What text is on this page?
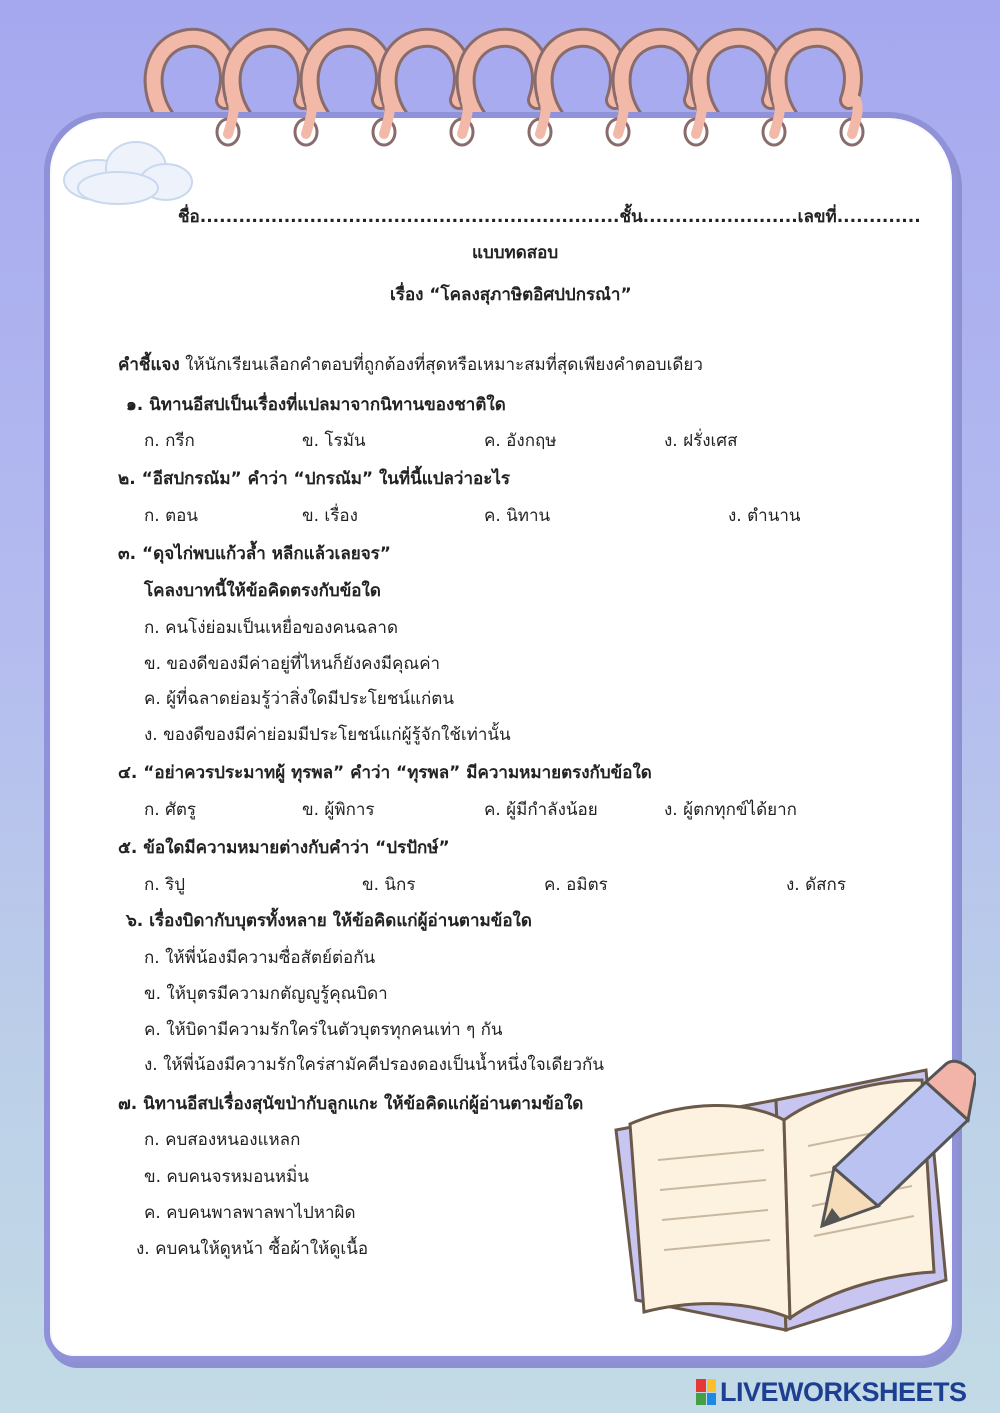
ชื่อ.................................................................ชั้น........................เลขที่.............
แบบทดสอบ
เรื่อง “โคลงสุภาษิตอิศปปกรณำ”
คำชี้แจง ให้นักเรียนเลือกคำตอบที่ถูกต้องที่สุดหรือเหมาะสมที่สุดเพียงคำตอบเดียว
๑. นิทานอีสปเป็นเรื่องที่แปลมาจากนิทานของชาติใด
ก. กรีก	ข. โรมัน	ค. อังกฤษ	ง. ฝรั่งเศส
๒. “อีสปกรณัม” คำว่า “ปกรณัม” ในที่นี้แปลว่าอะไร
ก. ตอน	ข. เรื่อง	ค. นิทาน	ง. ตำนาน
๓. “ดุจไก่พบแก้วล้ำ หลีกแล้วเลยจร”
โคลงบาทนี้ให้ข้อคิดตรงกับข้อใด
ก. คนโง่ย่อมเป็นเหยื่อของคนฉลาด
ข. ของดีของมีค่าอยู่ที่ไหนก็ยังคงมีคุณค่า
ค. ผู้ที่ฉลาดย่อมรู้ว่าสิ่งใดมีประโยชน์แก่ตน
ง. ของดีของมีค่าย่อมมีประโยชน์แก่ผู้รู้จักใช้เท่านั้น
๔. “อย่าควรประมาทผู้ ทุรพล” คำว่า “ทุรพล” มีความหมายตรงกับข้อใด
ก. ศัตรู	ข. ผู้พิการ	ค. ผู้มีกำลังน้อย	ง. ผู้ตกทุกข์ได้ยาก
๕. ข้อใดมีความหมายต่างกับคำว่า “ปรปักษ์”
ก. ริปู	ข. นิกร	ค. อมิตร	ง. ดัสกร
๖. เรื่องบิดากับบุตรทั้งหลาย ให้ข้อคิดแก่ผู้อ่านตามข้อใด
ก. ให้พี่น้องมีความซื่อสัตย์ต่อกัน
ข. ให้บุตรมีความกตัญญูรู้คุณบิดา
ค. ให้บิดามีความรักใคร่ในตัวบุตรทุกคนเท่า ๆ กัน
ง. ให้พี่น้องมีความรักใคร่สามัคคีปรองดองเป็นน้ำหนึ่งใจเดียวกัน
๗. นิทานอีสปเรื่องสุนัขป่ากับลูกแกะ ให้ข้อคิดแก่ผู้อ่านตามข้อใด
ก. คบสองหนองแหลก
ข. คบคนจรหมอนหมิ่น
ค. คบคนพาลพาลพาไปหาผิด
ง. คบคนให้ดูหน้า ซื้อผ้าให้ดูเนื้อ
LIVEWORKSHEETS
